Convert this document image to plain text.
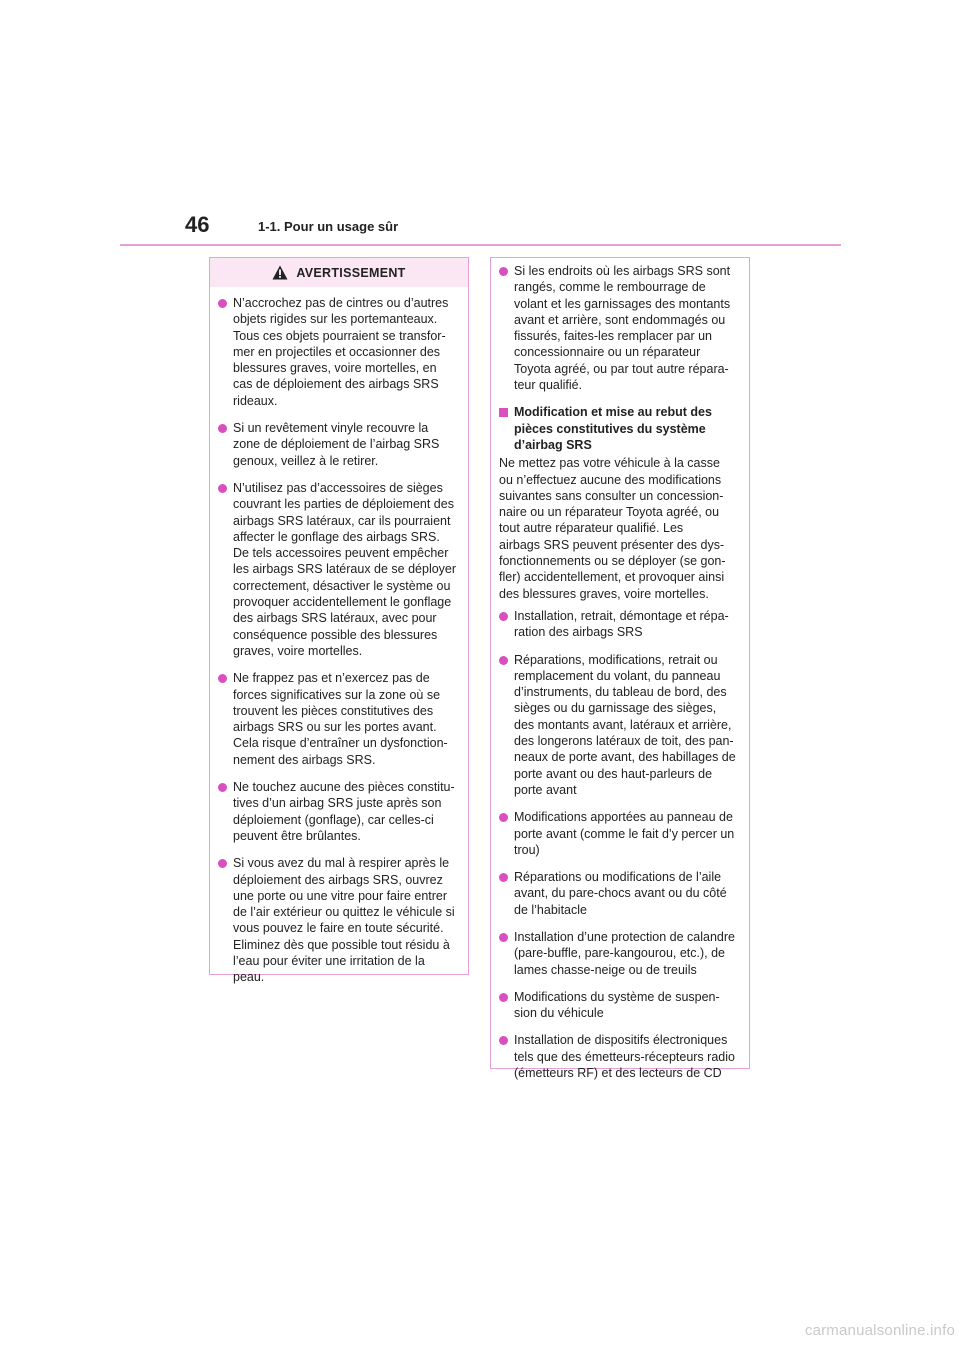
46	1-1. Pour un usage sûr
AVERTISSEMENT
N’accrochez pas de cintres ou d’autres
objets rigides sur les portemanteaux.
Tous ces objets pourraient se transfor-
mer en projectiles et occasionner des
blessures graves, voire mortelles, en
cas de déploiement des airbags SRS
rideaux.
Si un revêtement vinyle recouvre la
zone de déploiement de l’airbag SRS
genoux, veillez à le retirer.
N’utilisez pas d’accessoires de sièges
couvrant les parties de déploiement des
airbags SRS latéraux, car ils pourraient
affecter le gonflage des airbags SRS.
De tels accessoires peuvent empêcher
les airbags SRS latéraux de se déployer
correctement, désactiver le système ou
provoquer accidentellement le gonflage
des airbags SRS latéraux, avec pour
conséquence possible des blessures
graves, voire mortelles.
Ne frappez pas et n’exercez pas de
forces significatives sur la zone où se
trouvent les pièces constitutives des
airbags SRS ou sur les portes avant.
Cela risque d’entraîner un dysfonction-
nement des airbags SRS.
Ne touchez aucune des pièces constitu-
tives d’un airbag SRS juste après son
déploiement (gonflage), car celles-ci
peuvent être brûlantes.
Si vous avez du mal à respirer après le
déploiement des airbags SRS, ouvrez
une porte ou une vitre pour faire entrer
de l’air extérieur ou quittez le véhicule si
vous pouvez le faire en toute sécurité.
Eliminez dès que possible tout résidu à
l’eau pour éviter une irritation de la
peau.
Si les endroits où les airbags SRS sont
rangés, comme le rembourrage de
volant et les garnissages des montants
avant et arrière, sont endommagés ou
fissurés, faites-les remplacer par un
concessionnaire ou un réparateur
Toyota agréé, ou par tout autre répara-
teur qualifié.
Modification et mise au rebut des
pièces constitutives du système
d’airbag SRS
Ne mettez pas votre véhicule à la casse
ou n’effectuez aucune des modifications
suivantes sans consulter un concession-
naire ou un réparateur Toyota agréé, ou
tout autre réparateur qualifié. Les
airbags SRS peuvent présenter des dys-
fonctionnements ou se déployer (se gon-
fler) accidentellement, et provoquer ainsi
des blessures graves, voire mortelles.
Installation, retrait, démontage et répa-
ration des airbags SRS
Réparations, modifications, retrait ou
remplacement du volant, du panneau
d’instruments, du tableau de bord, des
sièges ou du garnissage des sièges,
des montants avant, latéraux et arrière,
des longerons latéraux de toit, des pan-
neaux de porte avant, des habillages de
porte avant ou des haut-parleurs de
porte avant
Modifications apportées au panneau de
porte avant (comme le fait d’y percer un
trou)
Réparations ou modifications de l’aile
avant, du pare-chocs avant ou du côté
de l’habitacle
Installation d’une protection de calandre
(pare-buffle, pare-kangourou, etc.), de
lames chasse-neige ou de treuils
Modifications du système de suspen-
sion du véhicule
Installation de dispositifs électroniques
tels que des émetteurs-récepteurs radio
(émetteurs RF) et des lecteurs de CD
carmanualsonline.info
